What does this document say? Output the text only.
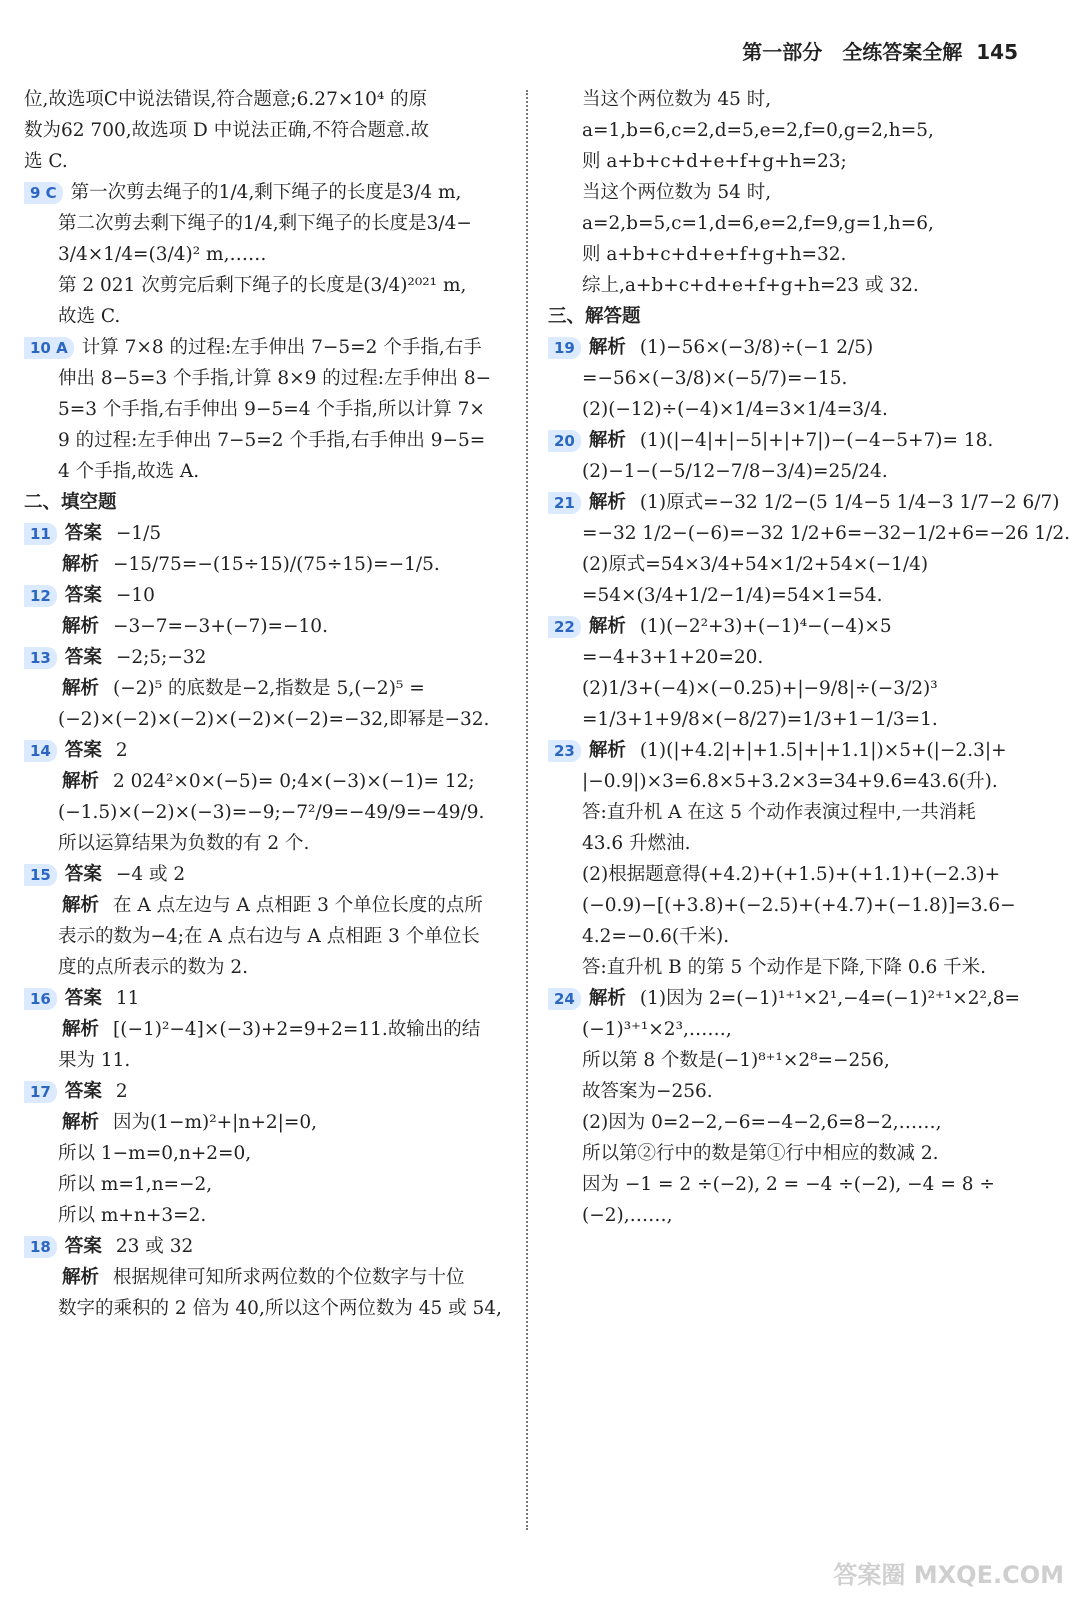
第一部分　全练答案全解 145
位,故选项C中说法错误,符合题意;6.27×10⁴ 的原
数为62 700,故选项 D 中说法正确,不符合题意.故
选 C.
9 C 第一次剪去绳子的1/4,剩下绳子的长度是3/4 m,
第二次剪去剩下绳子的1/4,剩下绳子的长度是3/4−
3/4×1/4=(3/4)² m,……
第 2 021 次剪完后剩下绳子的长度是(3/4)²⁰²¹ m,
故选 C.
10 A 计算 7×8 的过程:左手伸出 7−5=2 个手指,右手
伸出 8−5=3 个手指,计算 8×9 的过程:左手伸出 8−
5=3 个手指,右手伸出 9−5=4 个手指,所以计算 7×
9 的过程:左手伸出 7−5=2 个手指,右手伸出 9−5=
4 个手指,故选 A.
二、填空题
11 答案 −1/5
解析 −15/75=−(15÷15)/(75÷15)=−1/5.
12 答案 −10
解析 −3−7=−3+(−7)=−10.
13 答案 −2;5;−32
解析 (−2)⁵ 的底数是−2,指数是 5,(−2)⁵ =
(−2)×(−2)×(−2)×(−2)×(−2)=−32,即幂是−32.
14 答案 2
解析 2 024²×0×(−5)= 0;4×(−3)×(−1)= 12;
(−1.5)×(−2)×(−3)=−9;−7²/9=−49/9=−49/9.
所以运算结果为负数的有 2 个.
15 答案 −4 或 2
解析 在 A 点左边与 A 点相距 3 个单位长度的点所
表示的数为−4;在 A 点右边与 A 点相距 3 个单位长
度的点所表示的数为 2.
16 答案 11
解析 [(−1)²−4]×(−3)+2=9+2=11.故输出的结
果为 11.
17 答案 2
解析 因为(1−m)²+|n+2|=0,
所以 1−m=0,n+2=0,
所以 m=1,n=−2,
所以 m+n+3=2.
18 答案 23 或 32
解析 根据规律可知所求两位数的个位数字与十位
数字的乘积的 2 倍为 40,所以这个两位数为 45 或 54,
当这个两位数为 45 时,
a=1,b=6,c=2,d=5,e=2,f=0,g=2,h=5,
则 a+b+c+d+e+f+g+h=23;
当这个两位数为 54 时,
a=2,b=5,c=1,d=6,e=2,f=9,g=1,h=6,
则 a+b+c+d+e+f+g+h=32.
综上,a+b+c+d+e+f+g+h=23 或 32.
三、解答题
19 解析 (1)−56×(−3/8)÷(−1 2/5)
=−56×(−3/8)×(−5/7)=−15.
(2)(−12)÷(−4)×1/4=3×1/4=3/4.
20 解析 (1)(|−4|+|−5|+|+7|)−(−4−5+7)= 18.
(2)−1−(−5/12−7/8−3/4)=25/24.
21 解析 (1)原式=−32 1/2−(5 1/4−5 1/4−3 1/7−2 6/7)
=−32 1/2−(−6)=−32 1/2+6=−32−1/2+6=−26 1/2.
(2)原式=54×3/4+54×1/2+54×(−1/4)
=54×(3/4+1/2−1/4)=54×1=54.
22 解析 (1)(−2²+3)+(−1)⁴−(−4)×5
=−4+3+1+20=20.
(2)1/3+(−4)×(−0.25)+|−9/8|÷(−3/2)³
=1/3+1+9/8×(−8/27)=1/3+1−1/3=1.
23 解析 (1)(|+4.2|+|+1.5|+|+1.1|)×5+(|−2.3|+
|−0.9|)×3=6.8×5+3.2×3=34+9.6=43.6(升).
答:直升机 A 在这 5 个动作表演过程中,一共消耗
43.6 升燃油.
(2)根据题意得(+4.2)+(+1.5)+(+1.1)+(−2.3)+
(−0.9)−[(+3.8)+(−2.5)+(+4.7)+(−1.8)]=3.6−
4.2=−0.6(千米).
答:直升机 B 的第 5 个动作是下降,下降 0.6 千米.
24 解析 (1)因为 2=(−1)¹⁺¹×2¹,−4=(−1)²⁺¹×2²,8=
(−1)³⁺¹×2³,……,
所以第 8 个数是(−1)⁸⁺¹×2⁸=−256,
故答案为−256.
(2)因为 0=2−2,−6=−4−2,6=8−2,……,
所以第②行中的数是第①行中相应的数减 2.
因为 −1 = 2 ÷(−2), 2 = −4 ÷(−2), −4 = 8 ÷
(−2),……,
答案圈 MXQE.COM
